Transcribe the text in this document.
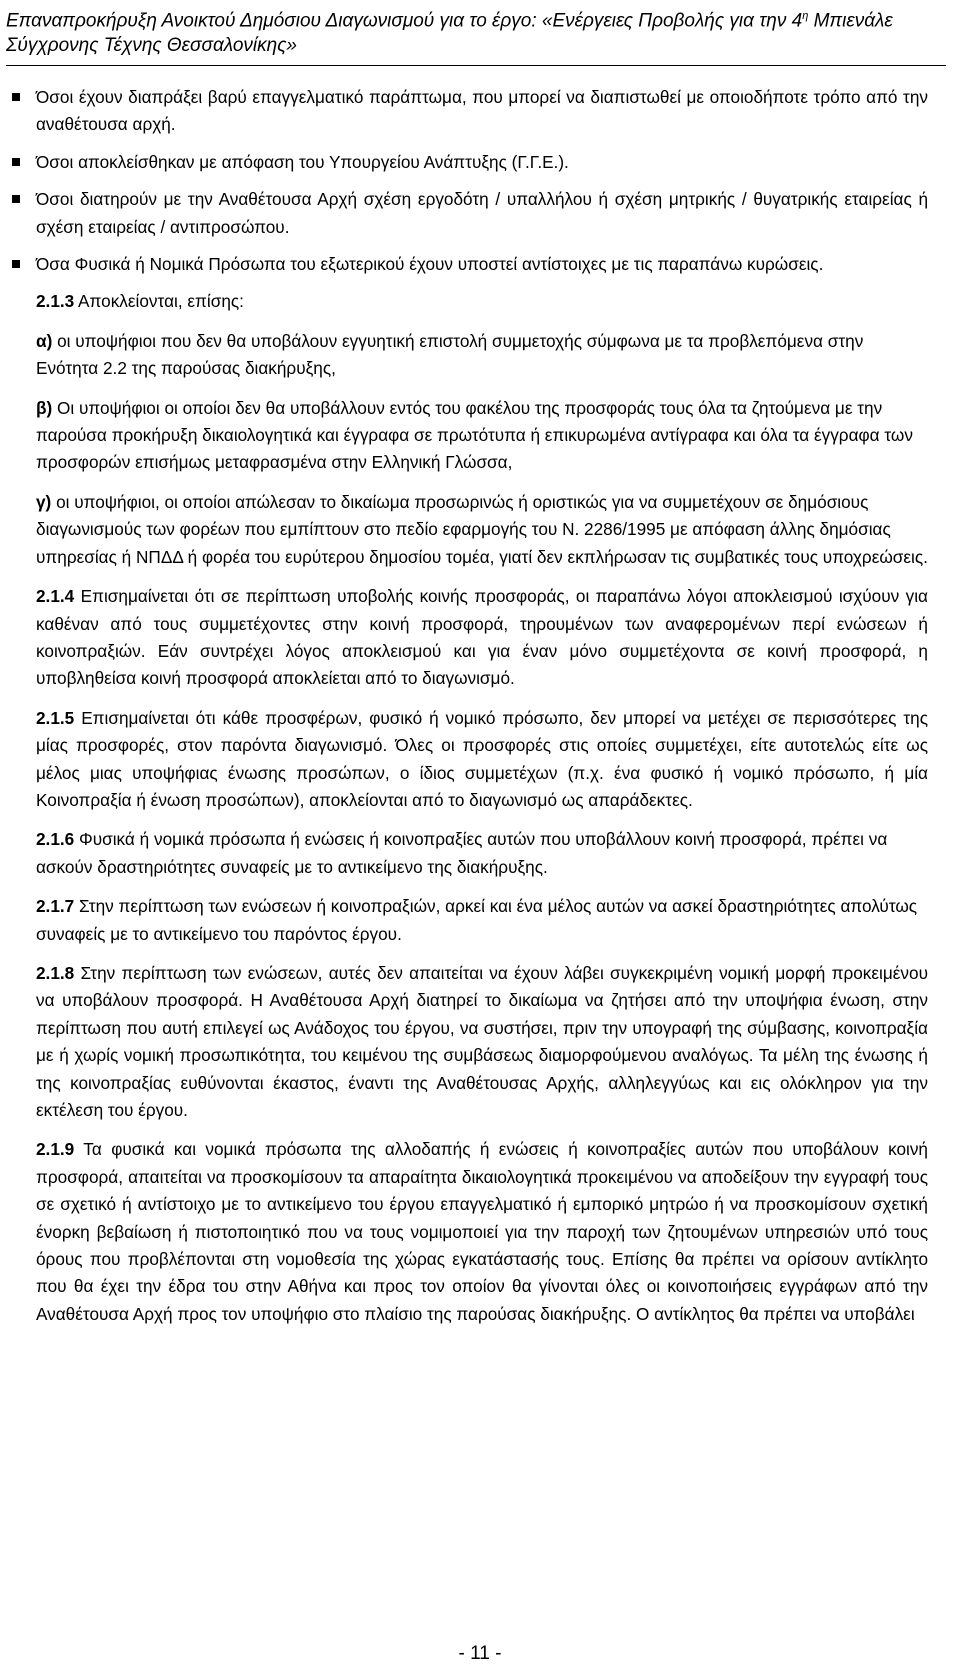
Επαναπροκήρυξη Ανοικτού Δημόσιου Διαγωνισμού για το έργο: «Ενέργειες Προβολής για την $4^\eta$ Μπιενάλε
Σύγχρονης Τέχνης Θεσσαλονίκης»
Όσοι έχουν διαπράξει βαρύ επαγγελματικό παράπτωμα, που μπορεί να διαπιστωθεί με οποιοδήποτε τρόπο από την αναθέτουσα αρχή.
Όσοι αποκλείσθηκαν με απόφαση του Υπουργείου Ανάπτυξης (Γ.Γ.Ε.).
Όσοι διατηρούν με την Αναθέτουσα Αρχή σχέση εργοδότη / υπαλλήλου ή σχέση μητρικής / θυγατρικής εταιρείας ή σχέση εταιρείας / αντιπροσώπου.
Όσα Φυσικά ή Νομικά Πρόσωπα του εξωτερικού έχουν υποστεί αντίστοιχες με τις παραπάνω κυρώσεις.

2.1.3 Αποκλείονται, επίσης:

α) οι υποψήφιοι που δεν θα υποβάλουν εγγυητική επιστολή συμμετοχής σύμφωνα με τα προβλεπόμενα στην Ενότητα 2.2 της παρούσας διακήρυξης,

β) Οι υποψήφιοι οι οποίοι δεν θα υποβάλλουν εντός του φακέλου της προσφοράς τους όλα τα ζητούμενα με την παρούσα προκήρυξη δικαιολογητικά και έγγραφα σε πρωτότυπα ή επικυρωμένα αντίγραφα και όλα τα έγγραφα των προσφορών επισήμως μεταφρασμένα στην Ελληνική Γλώσσα,

γ) οι υποψήφιοι, οι οποίοι απώλεσαν το δικαίωμα προσωρινώς ή οριστικώς για να συμμετέχουν σε δημόσιους διαγωνισμούς των φορέων που εμπίπτουν στο πεδίο εφαρμογής του Ν. 2286/1995 με απόφαση άλλης δημόσιας υπηρεσίας ή ΝΠΔΔ ή φορέα του ευρύτερου δημοσίου τομέα, γιατί δεν εκπλήρωσαν τις συμβατικές τους υποχρεώσεις.

2.1.4 Επισημαίνεται ότι σε περίπτωση υποβολής κοινής προσφοράς, οι παραπάνω λόγοι αποκλεισμού ισχύουν για καθέναν από τους συμμετέχοντες στην κοινή προσφορά, τηρουμένων των αναφερομένων περί ενώσεων ή κοινοπραξιών. Εάν συντρέχει λόγος αποκλεισμού και για έναν μόνο συμμετέχοντα σε κοινή προσφορά, η υποβληθείσα κοινή προσφορά αποκλείεται από το διαγωνισμό.

2.1.5 Επισημαίνεται ότι κάθε προσφέρων, φυσικό ή νομικό πρόσωπο, δεν μπορεί να μετέχει σε περισσότερες της μίας προσφορές, στον παρόντα διαγωνισμό. Όλες οι προσφορές στις οποίες συμμετέχει, είτε αυτοτελώς είτε ως μέλος μιας υποψήφιας ένωσης προσώπων, ο ίδιος συμμετέχων (π.χ. ένα φυσικό ή νομικό πρόσωπο, ή μία Κοινοπραξία ή ένωση προσώπων), αποκλείονται από το διαγωνισμό ως απαράδεκτες.

2.1.6 Φυσικά ή νομικά πρόσωπα ή ενώσεις ή κοινοπραξίες αυτών που υποβάλλουν κοινή προσφορά, πρέπει να ασκούν δραστηριότητες συναφείς με το αντικείμενο της διακήρυξης.

2.1.7 Στην περίπτωση των ενώσεων ή κοινοπραξιών, αρκεί και ένα μέλος αυτών να ασκεί δραστηριότητες απολύτως συναφείς με το αντικείμενο του παρόντος έργου.

2.1.8 Στην περίπτωση των ενώσεων, αυτές δεν απαιτείται να έχουν λάβει συγκεκριμένη νομική μορφή προκειμένου να υποβάλουν προσφορά. Η Αναθέτουσα Αρχή διατηρεί το δικαίωμα να ζητήσει από την υποψήφια ένωση, στην περίπτωση που αυτή επιλεγεί ως Ανάδοχος του έργου, να συστήσει, πριν την υπογραφή της σύμβασης, κοινοπραξία με ή χωρίς νομική προσωπικότητα, του κειμένου της συμβάσεως διαμορφούμενου αναλόγως. Τα μέλη της ένωσης ή της κοινοπραξίας ευθύνονται έκαστος, έναντι της Αναθέτουσας Αρχής, αλληλεγγύως και εις ολόκληρον για την εκτέλεση του έργου.

2.1.9 Τα φυσικά και νομικά πρόσωπα της αλλοδαπής ή ενώσεις ή κοινοπραξίες αυτών που υποβάλουν κοινή προσφορά, απαιτείται να προσκομίσουν τα απαραίτητα δικαιολογητικά προκειμένου να αποδείξουν την εγγραφή τους σε σχετικό ή αντίστοιχο με το αντικείμενο του έργου επαγγελματικό ή εμπορικό μητρώο ή να προσκομίσουν σχετική ένορκη βεβαίωση ή πιστοποιητικό που να τους νομιμοποιεί για την παροχή των ζητουμένων υπηρεσιών υπό τους όρους που προβλέπονται στη νομοθεσία της χώρας εγκατάστασής τους. Επίσης θα πρέπει να ορίσουν αντίκλητο που θα έχει την έδρα του στην Αθήνα και προς τον οποίον θα γίνονται όλες οι κοινοποιήσεις εγγράφων από την Αναθέτουσα Αρχή προς τον υποψήφιο στο πλαίσιο της παρούσας διακήρυξης. Ο αντίκλητος θα πρέπει να υποβάλει

- 11 -
